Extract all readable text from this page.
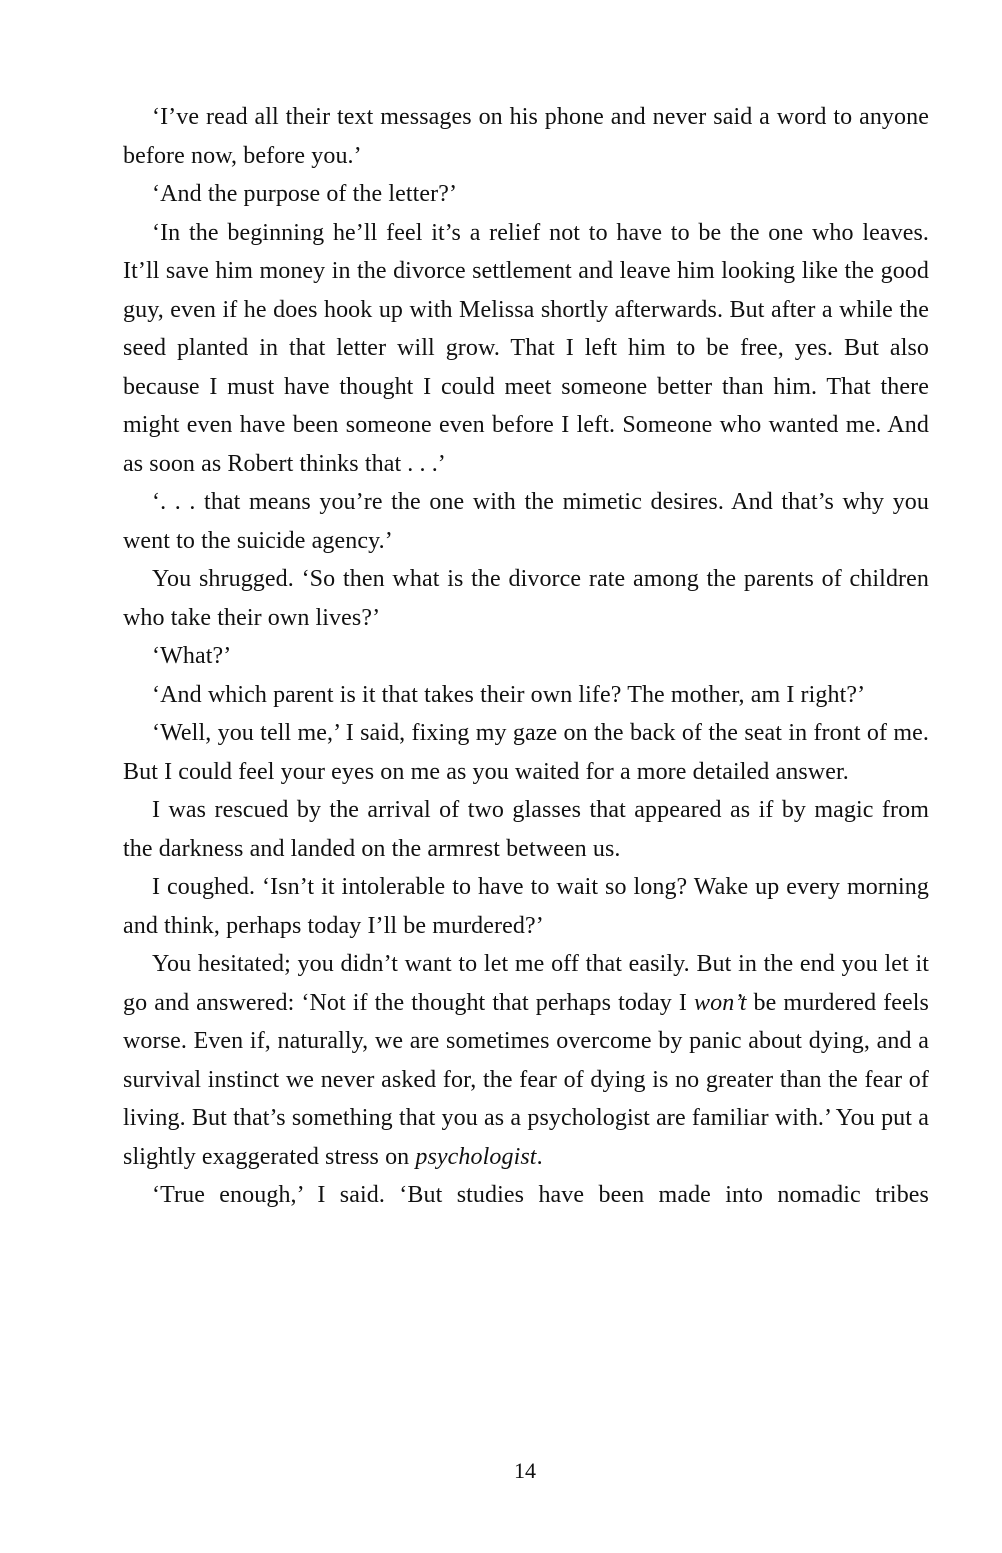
‘I’ve read all their text messages on his phone and never said a word to anyone before now, before you.’

‘And the purpose of the letter?’

‘In the beginning he’ll feel it’s a relief not to have to be the one who leaves. It’ll save him money in the divorce settlement and leave him looking like the good guy, even if he does hook up with Melissa shortly afterwards. But after a while the seed planted in that letter will grow. That I left him to be free, yes. But also because I must have thought I could meet someone better than him. That there might even have been someone even before I left. Someone who wanted me. And as soon as Robert thinks that . . .’

‘. . . that means you’re the one with the mimetic desires. And that’s why you went to the suicide agency.’

You shrugged. ‘So then what is the divorce rate among the parents of children who take their own lives?’

‘What?’

‘And which parent is it that takes their own life? The mother, am I right?’

‘Well, you tell me,’ I said, fixing my gaze on the back of the seat in front of me. But I could feel your eyes on me as you waited for a more detailed answer.

I was rescued by the arrival of two glasses that appeared as if by magic from the darkness and landed on the armrest between us.

I coughed. ‘Isn’t it intolerable to have to wait so long? Wake up every morning and think, perhaps today I’ll be murdered?’

You hesitated; you didn’t want to let me off that easily. But in the end you let it go and answered: ‘Not if the thought that perhaps today I won’t be murdered feels worse. Even if, naturally, we are sometimes overcome by panic about dying, and a survival instinct we never asked for, the fear of dying is no greater than the fear of living. But that’s something that you as a psychologist are familiar with.’ You put a slightly exaggerated stress on psychologist.

‘True enough,’ I said. ‘But studies have been made into nomadic tribes

14
